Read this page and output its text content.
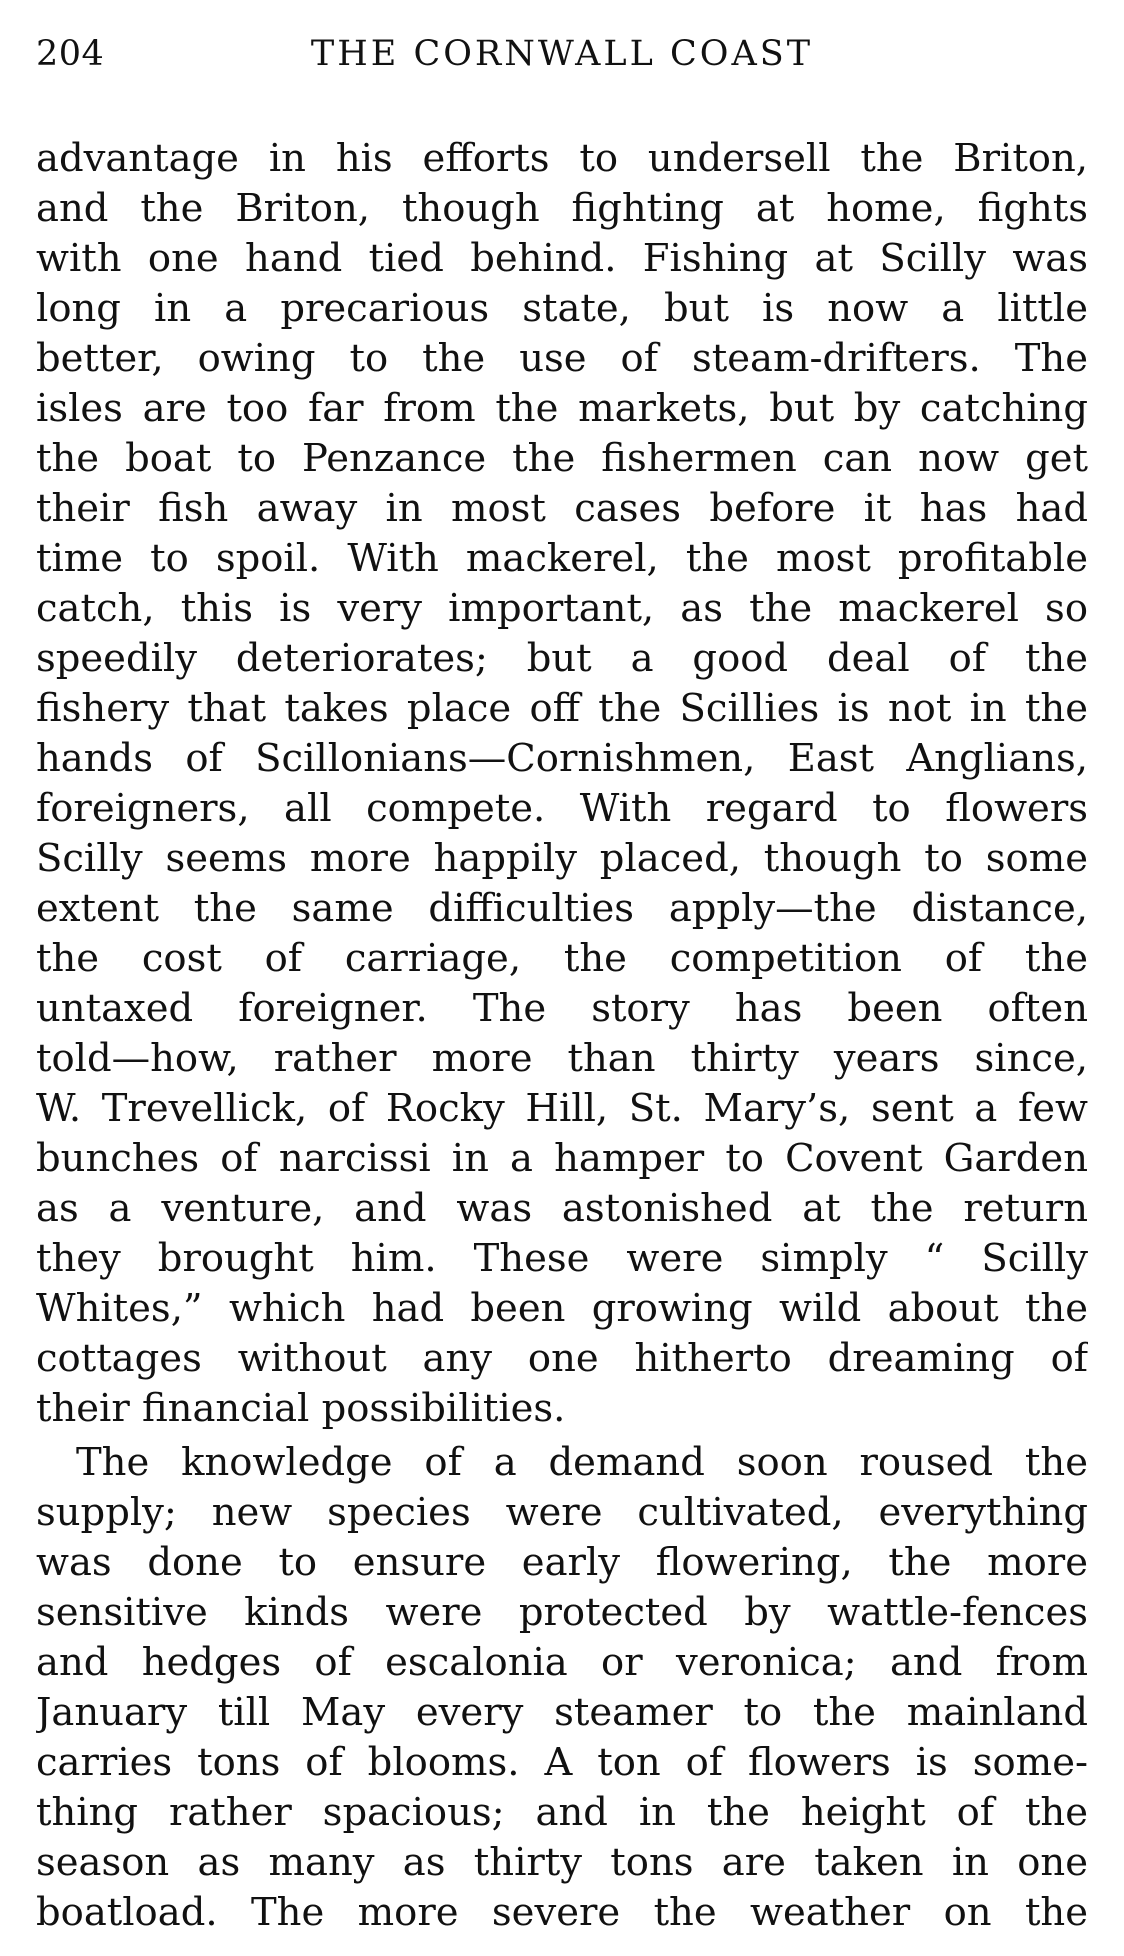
204	THE CORNWALL COAST
advantage in his efforts to undersell the Briton,
and the Briton, though fighting at home, fights
with one hand tied behind. Fishing at Scilly was
long in a precarious state, but is now a little
better, owing to the use of steam-drifters. The
isles are too far from the markets, but by catching
the boat to Penzance the fishermen can now get
their fish away in most cases before it has had
time to spoil. With mackerel, the most profitable
catch, this is very important, as the mackerel so
speedily deteriorates; but a good deal of the
fishery that takes place off the Scillies is not in the
hands of Scillonians—Cornishmen, East Anglians,
foreigners, all compete. With regard to flowers
Scilly seems more happily placed, though to some
extent the same difficulties apply—the distance,
the cost of carriage, the competition of the
untaxed foreigner. The story has been often
told—how, rather more than thirty years since,
W. Trevellick, of Rocky Hill, St. Mary’s, sent a few
bunches of narcissi in a hamper to Covent Garden
as a venture, and was astonished at the return
they brought him. These were simply “ Scilly
Whites,” which had been growing wild about the
cottages without any one hitherto dreaming of
their financial possibilities.
The knowledge of a demand soon roused the
supply; new species were cultivated, everything
was done to ensure early flowering, the more
sensitive kinds were protected by wattle-fences
and hedges of escalonia or veronica; and from
January till May every steamer to the mainland
carries tons of blooms. A ton of flowers is some-
thing rather spacious; and in the height of the
season as many as thirty tons are taken in one
boatload. The more severe the weather on the
